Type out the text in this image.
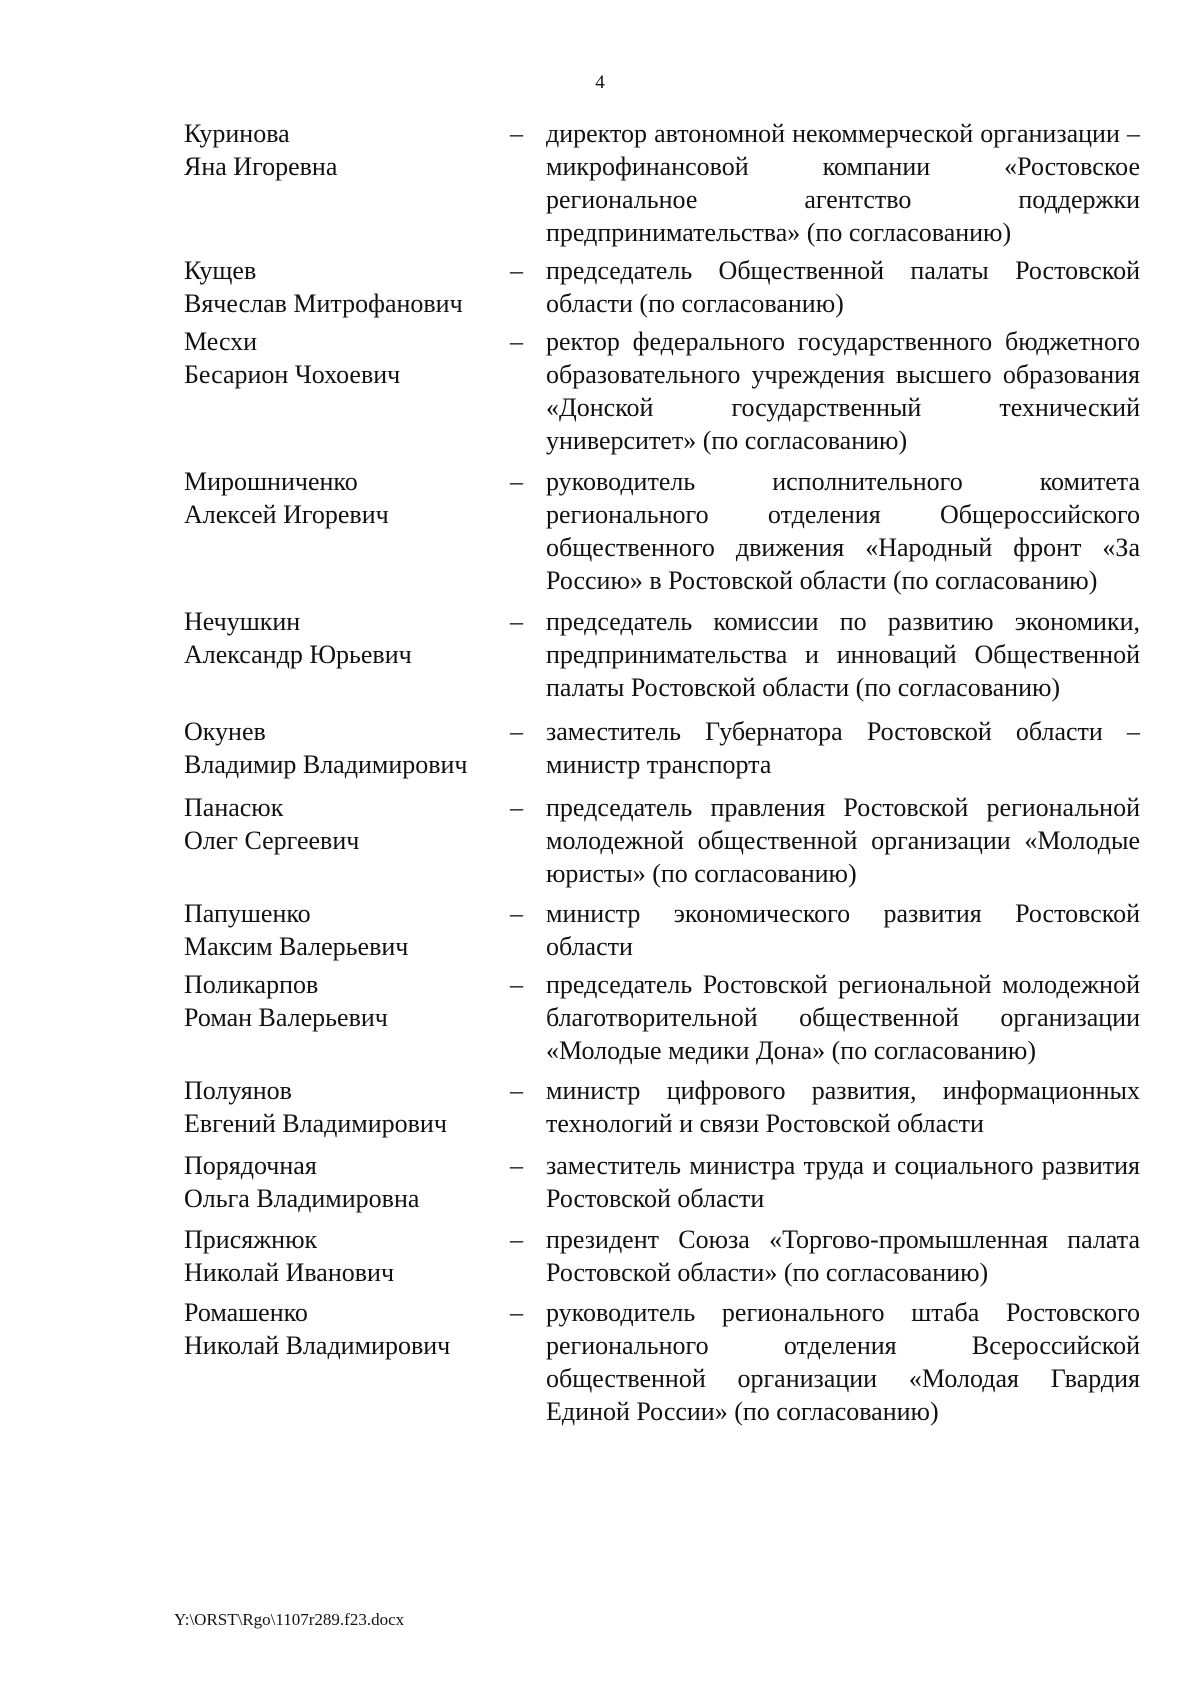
4
Куринова
Яна Игоревна
– директор автономной некоммерческой организации – микрофинансовой компании «Ростовское региональное агентство поддержки предпринимательства» (по согласованию)
Кущев
Вячеслав Митрофанович
– председатель Общественной палаты Ростовской области (по согласованию)
Месхи
Бесарион Чохоевич
– ректор федерального государственного бюджетного образовательного учреждения высшего образования «Донской государственный технический университет» (по согласованию)
Мирошниченко
Алексей Игоревич
– руководитель исполнительного комитета регионального отделения Общероссийского общественного движения «Народный фронт «За Россию» в Ростовской области (по согласованию)
Нечушкин
Александр Юрьевич
– председатель комиссии по развитию экономики, предпринимательства и инноваций Общественной палаты Ростовской области (по согласованию)
Окунев
Владимир Владимирович
– заместитель Губернатора Ростовской области – министр транспорта
Панасюк
Олег Сергеевич
– председатель правления Ростовской региональной молодежной общественной организации «Молодые юристы» (по согласованию)
Папушенко
Максим Валерьевич
– министр экономического развития Ростовской области
Поликарпов
Роман Валерьевич
– председатель Ростовской региональной молодежной благотворительной общественной организации «Молодые медики Дона» (по согласованию)
Полуянов
Евгений Владимирович
– министр цифрового развития, информационных технологий и связи Ростовской области
Порядочная
Ольга Владимировна
– заместитель министра труда и социального развития Ростовской области
Присяжнюк
Николай Иванович
– президент Союза «Торгово-промышленная палата Ростовской области» (по согласованию)
Ромашенко
Николай Владимирович
– руководитель регионального штаба Ростовского регионального отделения Всероссийской общественной организации «Молодая Гвардия Единой России» (по согласованию)
Y:\ORST\Rgo\1107r289.f23.docx
